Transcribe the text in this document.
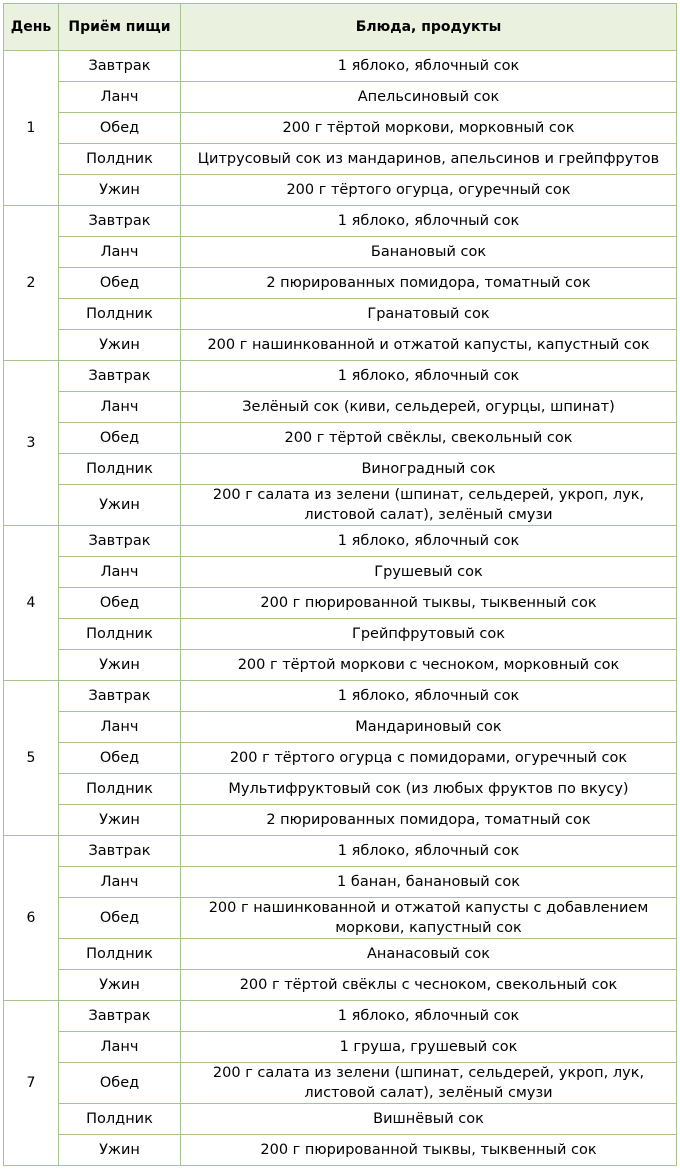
День	Приём пищи	Блюда, продукты
1	Завтрак	1 яблоко, яблочный сок
	Ланч	Апельсиновый сок
	Обед	200 г тёртой моркови, морковный сок
	Полдник	Цитрусовый сок из мандаринов, апельсинов и грейпфрутов
	Ужин	200 г тёртого огурца, огуречный сок
2	Завтрак	1 яблоко, яблочный сок
	Ланч	Банановый сок
	Обед	2 пюрированных помидора, томатный сок
	Полдник	Гранатовый сок
	Ужин	200 г нашинкованной и отжатой капусты, капустный сок
3	Завтрак	1 яблоко, яблочный сок
	Ланч	Зелёный сок (киви, сельдерей, огурцы, шпинат)
	Обед	200 г тёртой свёклы, свекольный сок
	Полдник	Виноградный сок
	Ужин	200 г салата из зелени (шпинат, сельдерей, укроп, лук, листовой салат), зелёный смузи
4	Завтрак	1 яблоко, яблочный сок
	Ланч	Грушевый сок
	Обед	200 г пюрированной тыквы, тыквенный сок
	Полдник	Грейпфрутовый сок
	Ужин	200 г тёртой моркови с чесноком, морковный сок
5	Завтрак	1 яблоко, яблочный сок
	Ланч	Мандариновый сок
	Обед	200 г тёртого огурца с помидорами, огуречный сок
	Полдник	Мультифруктовый сок (из любых фруктов по вкусу)
	Ужин	2 пюрированных помидора, томатный сок
6	Завтрак	1 яблоко, яблочный сок
	Ланч	1 банан, банановый сок
	Обед	200 г нашинкованной и отжатой капусты с добавлением моркови, капустный сок
	Полдник	Ананасовый сок
	Ужин	200 г тёртой свёклы с чесноком, свекольный сок
7	Завтрак	1 яблоко, яблочный сок
	Ланч	1 груша, грушевый сок
	Обед	200 г салата из зелени (шпинат, сельдерей, укроп, лук, листовой салат), зелёный смузи
	Полдник	Вишнёвый сок
	Ужин	200 г пюрированной тыквы, тыквенный сок
